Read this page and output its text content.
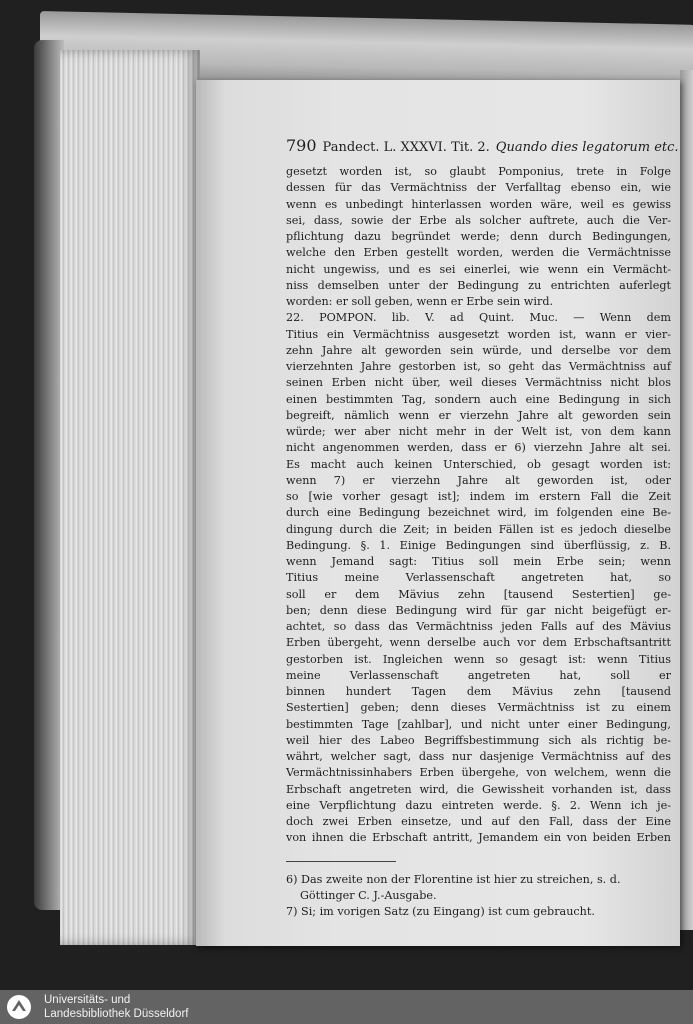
790 Pandect. L. XXXVI. Tit. 2. Quando dies legatorum etc.
gesetzt worden ist, so glaubt Pomponius, trete in Folge
dessen für das Vermächtniss der Verfalltag ebenso ein, wie
wenn es unbedingt hinterlassen worden wäre, weil es gewiss
sei, dass, sowie der Erbe als solcher auftrete, auch die Ver-
pflichtung dazu begründet werde; denn durch Bedingungen,
welche den Erben gestellt worden, werden die Vermächtnisse
nicht ungewiss, und es sei einerlei, wie wenn ein Vermächt-
niss demselben unter der Bedingung zu entrichten auferlegt
worden: er soll geben, wenn er Erbe sein wird.
22. POMPON. lib. V. ad Quint. Muc. — Wenn dem
Titius ein Vermächtniss ausgesetzt worden ist, wann er vier-
zehn Jahre alt geworden sein würde, und derselbe vor dem
vierzehnten Jahre gestorben ist, so geht das Vermächtniss auf
seinen Erben nicht über, weil dieses Vermächtniss nicht blos
einen bestimmten Tag, sondern auch eine Bedingung in sich
begreift, nämlich wenn er vierzehn Jahre alt geworden sein
würde; wer aber nicht mehr in der Welt ist, von dem kann
nicht angenommen werden, dass er 6) vierzehn Jahre alt sei.
Es macht auch keinen Unterschied, ob gesagt worden ist:
wenn 7) er vierzehn Jahre alt geworden ist, oder
so [wie vorher gesagt ist]; indem im erstern Fall die Zeit
durch eine Bedingung bezeichnet wird, im folgenden eine Be-
dingung durch die Zeit; in beiden Fällen ist es jedoch dieselbe
Bedingung. §. 1. Einige Bedingungen sind überflüssig, z. B.
wenn Jemand sagt: Titius soll mein Erbe sein; wenn
Titius meine Verlassenschaft angetreten hat, so
soll er dem Mävius zehn [tausend Sestertien] ge-
ben; denn diese Bedingung wird für gar nicht beigefügt er-
achtet, so dass das Vermächtniss jeden Falls auf des Mävius
Erben übergeht, wenn derselbe auch vor dem Erbschaftsantritt
gestorben ist. Ingleichen wenn so gesagt ist: wenn Titius
meine Verlassenschaft angetreten hat, soll er
binnen hundert Tagen dem Mävius zehn [tausend
Sestertien] geben; denn dieses Vermächtniss ist zu einem
bestimmten Tage [zahlbar], und nicht unter einer Bedingung,
weil hier des Labeo Begriffsbestimmung sich als richtig be-
währt, welcher sagt, dass nur dasjenige Vermächtniss auf des
Vermächtnissinhabers Erben übergehe, von welchem, wenn die
Erbschaft angetreten wird, die Gewissheit vorhanden ist, dass
eine Verpflichtung dazu eintreten werde. §. 2. Wenn ich je-
doch zwei Erben einsetze, und auf den Fall, dass der Eine
von ihnen die Erbschaft antritt, Jemandem ein von beiden Erben
6) Das zweite non der Florentine ist hier zu streichen, s. d.
Göttinger C. J.-Ausgabe.
7) Si; im vorigen Satz (zu Eingang) ist cum gebraucht.
Universitäts- und
Landesbibliothek Düsseldorf
